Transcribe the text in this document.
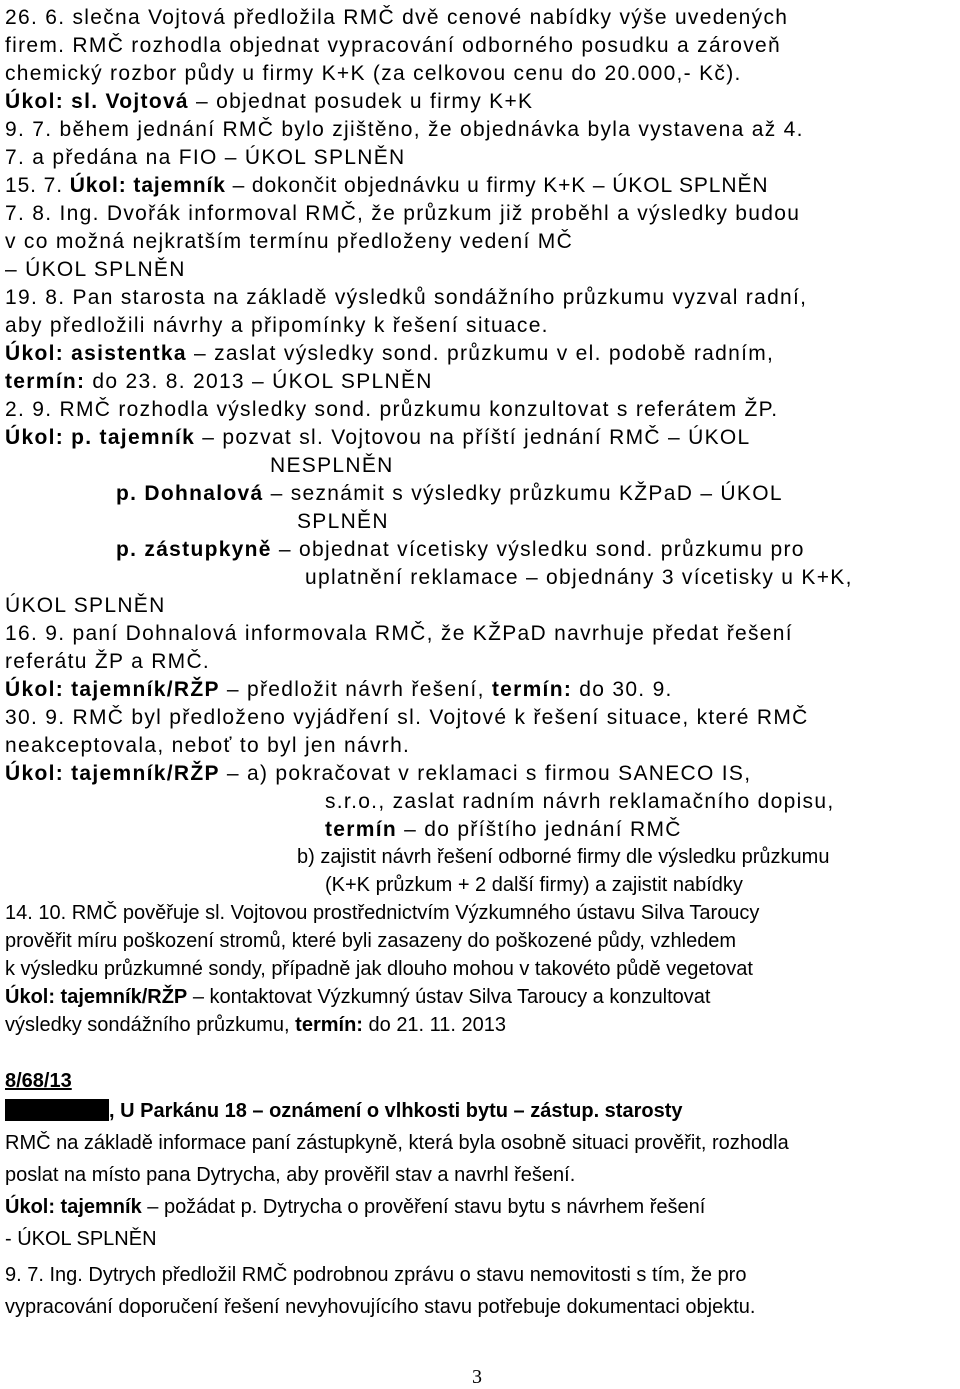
26. 6. slečna Vojtová předložila RMČ dvě cenové nabídky výše uvedených
firem. RMČ rozhodla objednat vypracování odborného posudku a zároveň
chemický rozbor půdy u firmy K+K (za celkovou cenu do 20.000,- Kč).
Úkol: sl. Vojtová – objednat posudek u firmy K+K
9. 7. během jednání RMČ bylo zjištěno, že objednávka byla vystavena až 4.
7. a předána na FIO – ÚKOL SPLNĚN
15. 7. Úkol: tajemník – dokončit objednávku u firmy K+K – ÚKOL SPLNĚN
7. 8. Ing. Dvořák informoval RMČ, že průzkum již proběhl a výsledky budou
v co možná nejkratším termínu předloženy vedení MČ
– ÚKOL SPLNĚN
19. 8. Pan starosta na základě výsledků sondážního průzkumu vyzval radní,
aby předložili návrhy a připomínky k řešení situace.
Úkol: asistentka – zaslat výsledky sond. průzkumu v el. podobě radním,
termín: do 23. 8. 2013 – ÚKOL SPLNĚN
2. 9. RMČ rozhodla výsledky sond. průzkumu konzultovat s referátem ŽP.
Úkol: p. tajemník – pozvat sl. Vojtovou na příští jednání RMČ – ÚKOL
NESPLNĚN
p. Dohnalová – seznámit s výsledky průzkumu KŽPaD – ÚKOL
SPLNĚN
p. zástupkyně – objednat vícetisky výsledku sond. průzkumu pro
uplatnění reklamace – objednány 3 vícetisky u K+K,
ÚKOL SPLNĚN
16. 9. paní Dohnalová informovala RMČ, že KŽPaD navrhuje předat řešení
referátu ŽP a RMČ.
Úkol: tajemník/RŽP – předložit návrh řešení, termín: do 30. 9.
30. 9. RMČ byl předloženo vyjádření sl. Vojtové k řešení situace, které RMČ
neakceptovala, neboť to byl jen návrh.
Úkol: tajemník/RŽP – a) pokračovat v reklamaci s firmou SANECO IS,
s.r.o., zaslat radním návrh reklamačního dopisu,
termín – do příštího jednání RMČ
b) zajistit návrh řešení odborné firmy dle výsledku průzkumu
(K+K průzkum + 2 další firmy) a zajistit nabídky
14. 10. RMČ pověřuje sl. Vojtovou prostřednictvím Výzkumného ústavu Silva Taroucy
prověřit míru poškození stromů, které byli zasazeny do poškozené půdy, vzhledem
k výsledku průzkumné sondy, případně jak dlouho mohou v takovéto půdě vegetovat
Úkol: tajemník/RŽP – kontaktovat Výzkumný ústav Silva Taroucy a konzultovat
výsledky sondážního průzkumu, termín: do 21. 11. 2013
8/68/13
, U Parkánu 18 – oznámení o vlhkosti bytu – zástup. starosty
RMČ na základě informace paní zástupkyně, která byla osobně situaci prověřit, rozhodla
poslat na místo pana Dytrycha, aby prověřil stav a navrhl řešení.
Úkol: tajemník – požádat p. Dytrycha o prověření stavu bytu s návrhem řešení
- ÚKOL SPLNĚN
9. 7. Ing. Dytrych předložil RMČ podrobnou zprávu o stavu nemovitosti s tím, že pro
vypracování doporučení řešení nevyhovujícího stavu potřebuje dokumentaci objektu.
3
